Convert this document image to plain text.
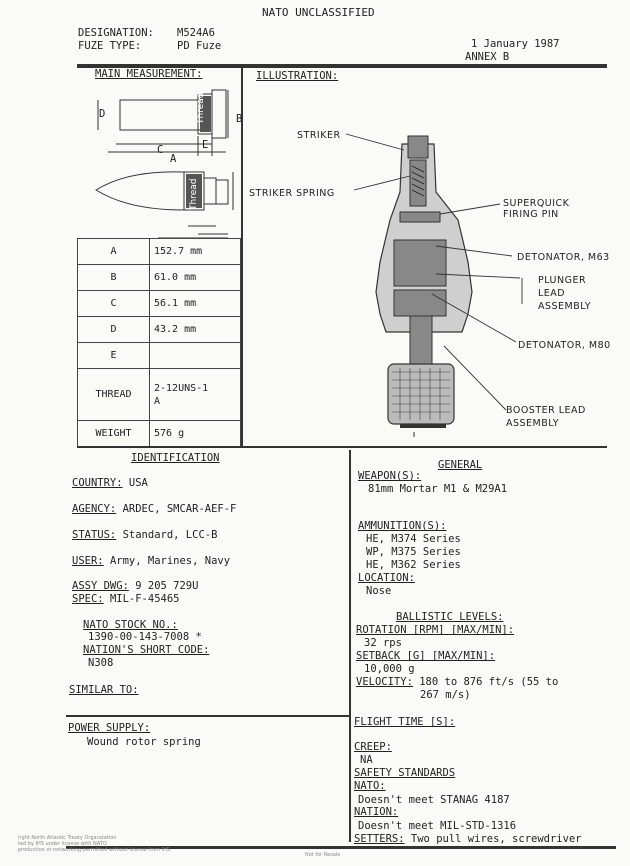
NATO UNCLASSIFIED
DESIGNATION: M524A6
FUZE TYPE:	PD Fuze	1 January 1987
ANNEX B
MAIN MEASUREMENT:
D	B
C
A
E
Thread
Thread
A	152.7 mm
B	61.0 mm
C	56.1 mm
D	43.2 mm
E	
THREAD	2-12UNS-1
A
WEIGHT	576 g
ILLUSTRATION:
STRIKER
STRIKER SPRING
SUPERQUICK
FIRING PIN
DETONATOR, M63
PLUNGER
LEAD
ASSEMBLY
DETONATOR, M80
BOOSTER LEAD
ASSEMBLY
IDENTIFICATION
COUNTRY: USA
AGENCY: ARDEC, SMCAR-AEF-F
STATUS: Standard, LCC-B
USER: Army, Marines, Navy
ASSY DWG: 9 205 729U
SPEC: MIL-F-45465
NATO STOCK NO.:
1390-00-143-7008 *
NATION'S SHORT CODE:
N308
SIMILAR TO:
POWER SUPPLY:
Wound rotor spring
GENERAL
WEAPON(S):
81mm Mortar M1 & M29A1
AMMUNITION(S):
HE, M374 Series
WP, M375 Series
HE, M362 Series
LOCATION:
Nose
BALLISTIC LEVELS:
ROTATION [RPM] [MAX/MIN]:
32 rps
SETBACK [G] [MAX/MIN]:
10,000 g
VELOCITY: 180 to 876 ft/s (55 to
267 m/s)
FLIGHT TIME [S]:
CREEP:
NA
SAFETY STANDARDS
NATO:
Doesn't meet STANAG 4187
NATION:
Doesn't meet MIL-STD-1316
SETTERS: Two pull wires, screwdriver
right North Atlantic Treaty Organization
ted by IHS under license with NATO
production or networking permitted without license from IHS
Not for Resale
